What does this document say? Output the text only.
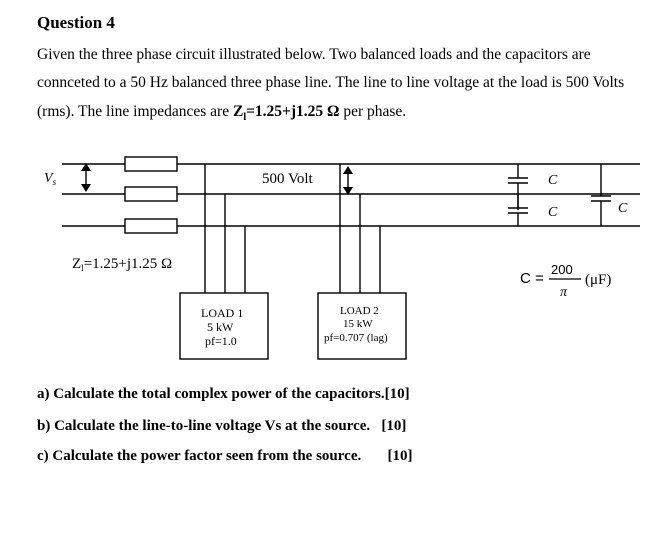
Question 4
Given the three phase circuit illustrated below. Two balanced loads and the capacitors are
connceted to a 50 Hz balanced three phase line. The line to line voltage at the load is 500 Volts
(rms). The line impedances are $Z_l=1.25+j1.25$ Ω per phase.
$V_s$	500 Volt
$Z_l=1.25+j1.25$ Ω
LOAD 1
5 kW
pf=1.0
LOAD 2
15 kW
pf=0.707 (lag)
C
C	C
C =
200
π
(μF)
a) Calculate the total complex power of the capacitors.[10]
b) Calculate the line-to-line voltage Vs at the source. [10]
c) Calculate the power factor seen from the source. [10]
